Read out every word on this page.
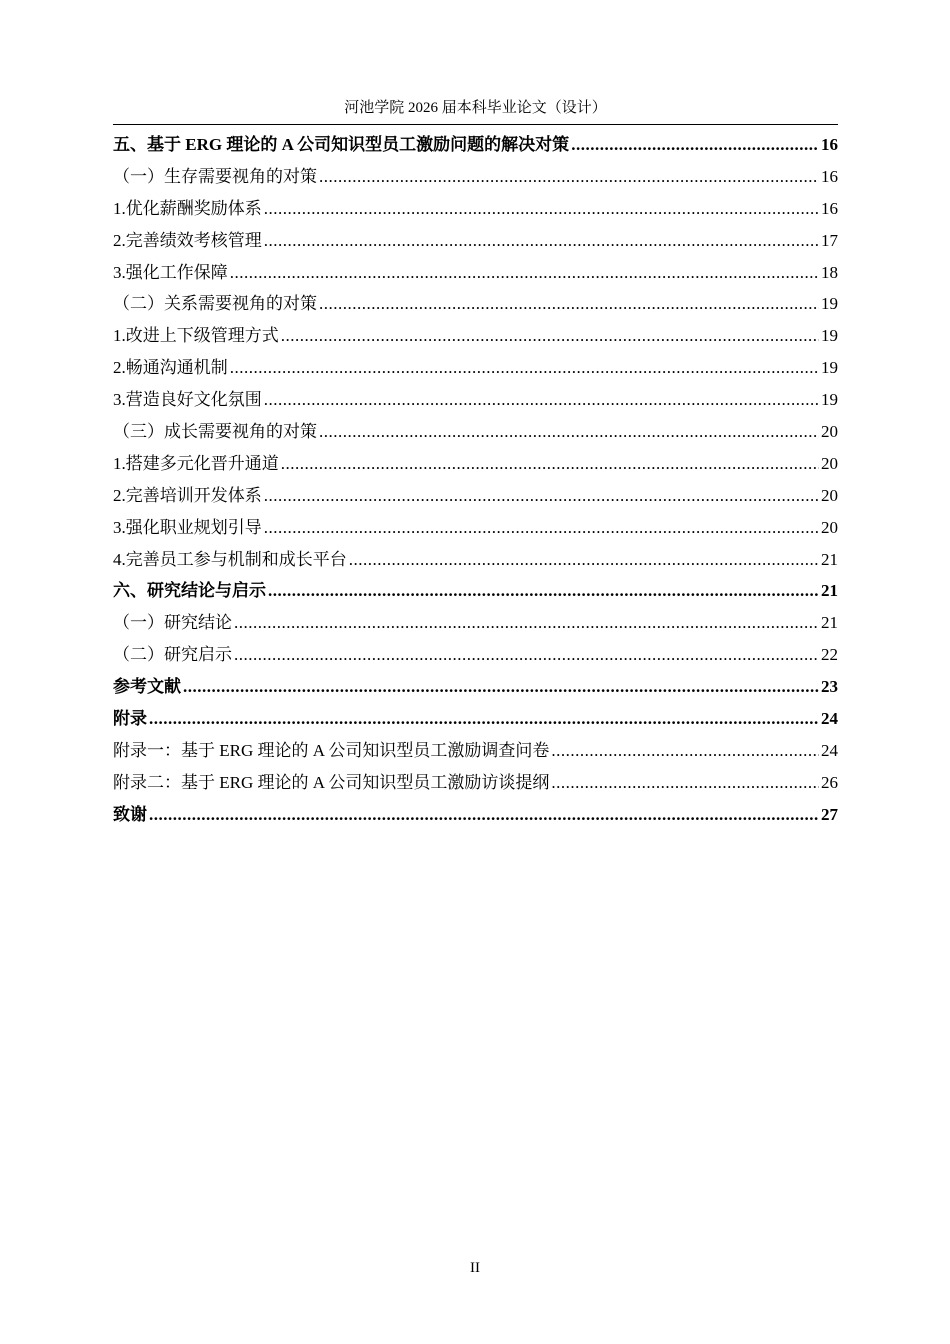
河池学院 2026 届本科毕业论文（设计）
五、基于 ERG 理论的 A 公司知识型员工激励问题的解决对策 .....	16
（一）生存需要视角的对策 .....	16
1.优化薪酬奖励体系 .....	16
2.完善绩效考核管理 .....	17
3.强化工作保障 .....	18
（二）关系需要视角的对策 .....	19
1.改进上下级管理方式 .....	19
2.畅通沟通机制 .....	19
3.营造良好文化氛围 .....	19
（三）成长需要视角的对策 .....	20
1.搭建多元化晋升通道 .....	20
2.完善培训开发体系 .....	20
3.强化职业规划引导 .....	20
4.完善员工参与机制和成长平台 .....	21
六、研究结论与启示 .....	21
（一）研究结论 .....	21
（二）研究启示 .....	22
参考文献 .....	23
附录 .....	24
附录一：基于 ERG 理论的 A 公司知识型员工激励调查问卷 .....	24
附录二：基于 ERG 理论的 A 公司知识型员工激励访谈提纲 .....	26
致谢 .....	27
II
